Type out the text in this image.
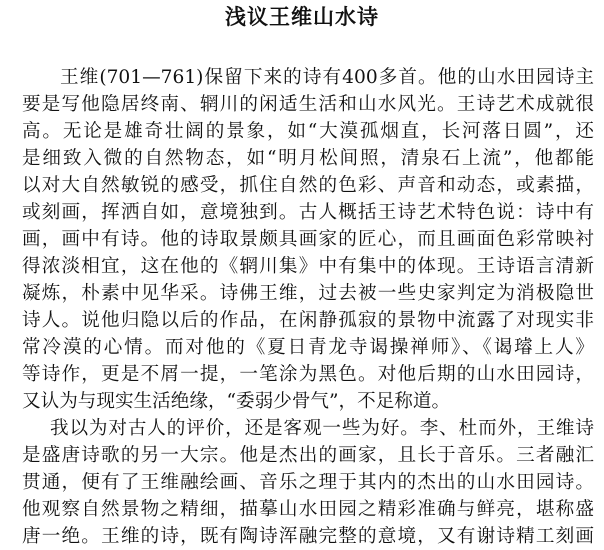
浅议王维山水诗
王维(701—761)保留下来的诗有400多首。他的山水田园诗主
要是写他隐居终南、辋川的闲适生活和山水风光。王诗艺术成就很
高。无论是雄奇壮阔的景象，如“大漠孤烟直，长河落日圆”，还
是细致入微的自然物态，如“明月松间照，清泉石上流”，他都能
以对大自然敏锐的感受，抓住自然的色彩、声音和动态，或素描，
或刻画，挥洒自如，意境独到。古人概括王诗艺术特色说：诗中有
画，画中有诗。他的诗取景颇具画家的匠心，而且画面色彩常映衬
得浓淡相宜，这在他的《辋川集》中有集中的体现。王诗语言清新
凝炼，朴素中见华采。诗佛王维，过去被一些史家判定为消极隐世
诗人。说他归隐以后的作品，在闲静孤寂的景物中流露了对现实非
常冷漠的心情。而对他的《夏日青龙寺谒操禅师》、《谒璿上人》
等诗作，更是不屑一提，一笔涂为黑色。对他后期的山水田园诗，
又认为与现实生活绝缘，“委弱少骨气”，不足称道。
我以为对古人的评价，还是客观一些为好。李、杜而外，王维诗
是盛唐诗歌的另一大宗。他是杰出的画家，且长于音乐。三者融汇
贯通，便有了王维融绘画、音乐之理于其内的杰出的山水田园诗。
他观察自然景物之精细，描摹山水田园之精彩准确与鲜亮，堪称盛
唐一绝。王维的诗，既有陶诗浑融完整的意境，又有谢诗精工刻画
